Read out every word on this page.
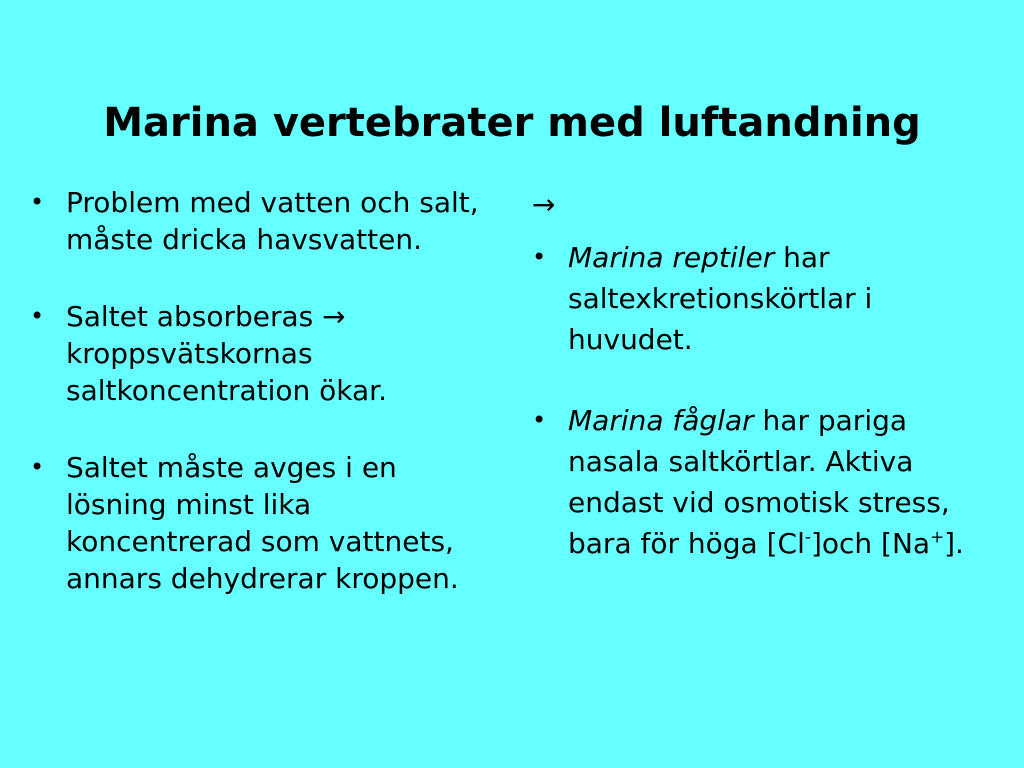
Marina vertebrater med luftandning
• Problem med vatten och salt, måste dricka havsvatten.
• Saltet absorberas → kroppsvätskornas saltkoncentration ökar.
• Saltet måste avges i en lösning minst lika koncentrerad som vattnets, annars dehydrerar kroppen.
→
• Marina reptiler har saltexkretionskörtlar i huvudet.
• Marina fåglar har pariga nasala saltkörtlar. Aktiva endast vid osmotisk stress, bara för höga [Cl-]och [Na+].
